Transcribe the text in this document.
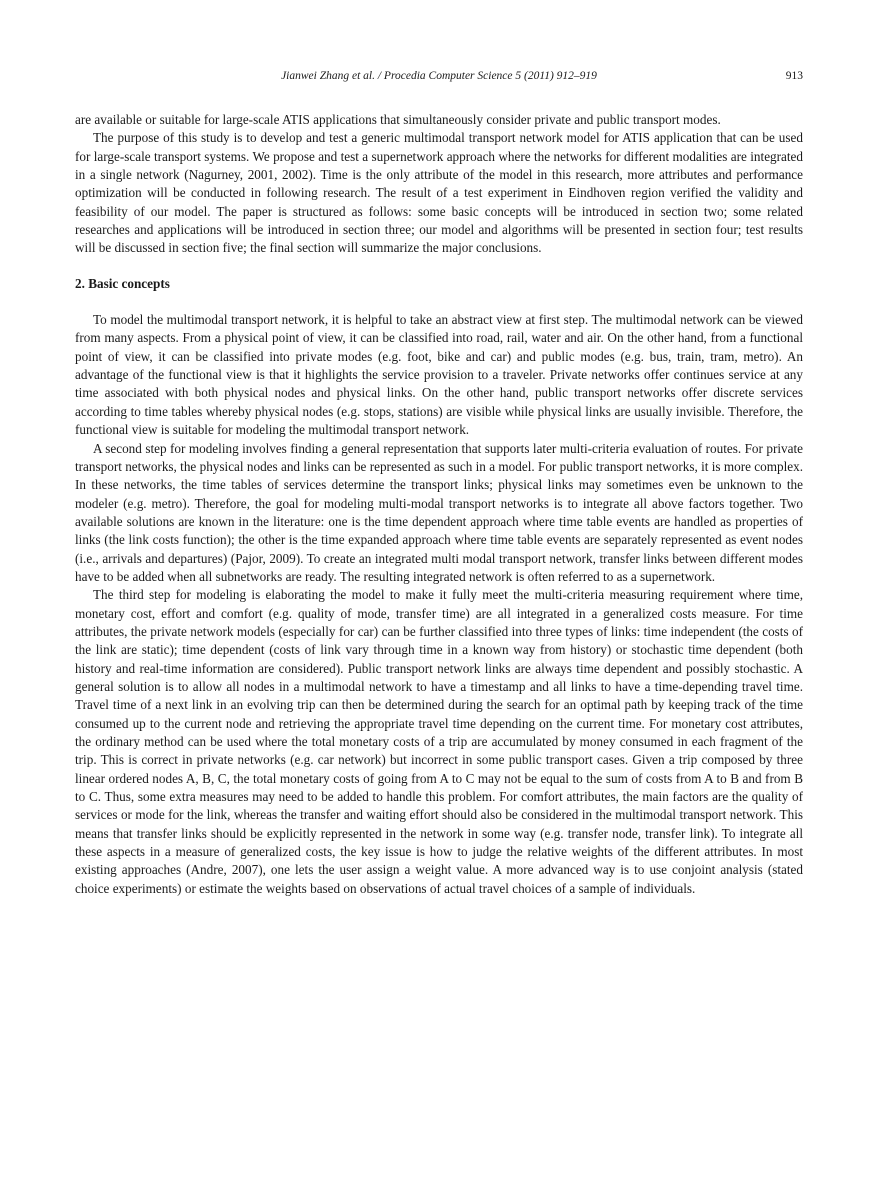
Jianwei Zhang et al. / Procedia Computer Science 5 (2011) 912–919	913

are available or suitable for large-scale ATIS applications that simultaneously consider private and public transport modes.

The purpose of this study is to develop and test a generic multimodal transport network model for ATIS application that can be used for large-scale transport systems. We propose and test a supernetwork approach where the networks for different modalities are integrated in a single network (Nagurney, 2001, 2002). Time is the only attribute of the model in this research, more attributes and performance optimization will be conducted in following research. The result of a test experiment in Eindhoven region verified the validity and feasibility of our model. The paper is structured as follows: some basic concepts will be introduced in section two; some related researches and applications will be introduced in section three; our model and algorithms will be presented in section four; test results will be discussed in section five; the final section will summarize the major conclusions.

2. Basic concepts

To model the multimodal transport network, it is helpful to take an abstract view at first step. The multimodal network can be viewed from many aspects. From a physical point of view, it can be classified into road, rail, water and air. On the other hand, from a functional point of view, it can be classified into private modes (e.g. foot, bike and car) and public modes (e.g. bus, train, tram, metro). An advantage of the functional view is that it highlights the service provision to a traveler. Private networks offer continues service at any time associated with both physical nodes and physical links. On the other hand, public transport networks offer discrete services according to time tables whereby physical nodes (e.g. stops, stations) are visible while physical links are usually invisible. Therefore, the functional view is suitable for modeling the multimodal transport network.

A second step for modeling involves finding a general representation that supports later multi-criteria evaluation of routes. For private transport networks, the physical nodes and links can be represented as such in a model. For public transport networks, it is more complex. In these networks, the time tables of services determine the transport links; physical links may sometimes even be unknown to the modeler (e.g. metro). Therefore, the goal for modeling multi-modal transport networks is to integrate all above factors together. Two available solutions are known in the literature: one is the time dependent approach where time table events are handled as properties of links (the link costs function); the other is the time expanded approach where time table events are separately represented as event nodes (i.e., arrivals and departures) (Pajor, 2009). To create an integrated multi modal transport network, transfer links between different modes have to be added when all subnetworks are ready. The resulting integrated network is often referred to as a supernetwork.

The third step for modeling is elaborating the model to make it fully meet the multi-criteria measuring requirement where time, monetary cost, effort and comfort (e.g. quality of mode, transfer time) are all integrated in a generalized costs measure. For time attributes, the private network models (especially for car) can be further classified into three types of links: time independent (the costs of the link are static); time dependent (costs of link vary through time in a known way from history) or stochastic time dependent (both history and real-time information are considered). Public transport network links are always time dependent and possibly stochastic. A general solution is to allow all nodes in a multimodal network to have a timestamp and all links to have a time-depending travel time. Travel time of a next link in an evolving trip can then be determined during the search for an optimal path by keeping track of the time consumed up to the current node and retrieving the appropriate travel time depending on the current time. For monetary cost attributes, the ordinary method can be used where the total monetary costs of a trip are accumulated by money consumed in each fragment of the trip. This is correct in private networks (e.g. car network) but incorrect in some public transport cases. Given a trip composed by three linear ordered nodes A, B, C, the total monetary costs of going from A to C may not be equal to the sum of costs from A to B and from B to C. Thus, some extra measures may need to be added to handle this problem. For comfort attributes, the main factors are the quality of services or mode for the link, whereas the transfer and waiting effort should also be considered in the multimodal transport network. This means that transfer links should be explicitly represented in the network in some way (e.g. transfer node, transfer link). To integrate all these aspects in a measure of generalized costs, the key issue is how to judge the relative weights of the different attributes. In most existing approaches (Andre, 2007), one lets the user assign a weight value. A more advanced way is to use conjoint analysis (stated choice experiments) or estimate the weights based on observations of actual travel choices of a sample of individuals.
